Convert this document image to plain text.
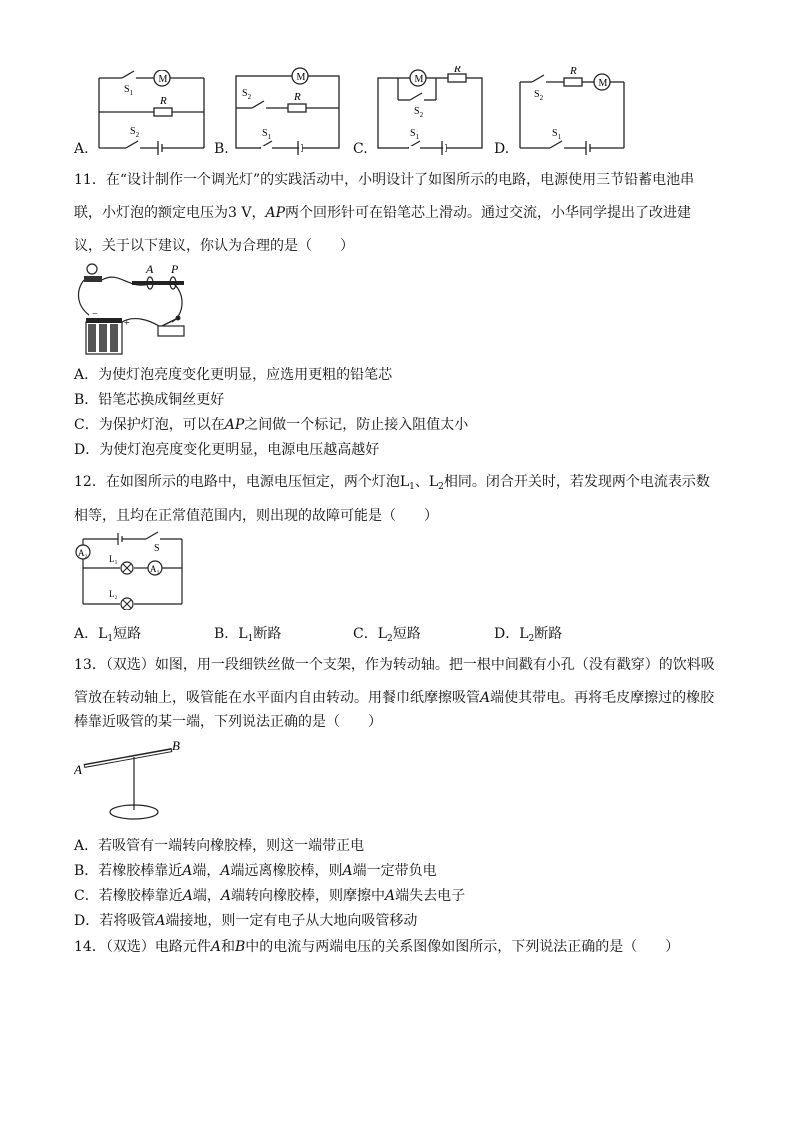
M
$S_1$
R
$S_2$
A.
M
$S_2$	R
$S_1$
B.
M
R
$S_2$
$S_1$
C.
M
R
$S_2$
$S_1$
D.
11．在“设计制作一个调光灯”的实践活动中，小明设计了如图所示的电路，电源使用三节铅蓄电池串
联，小灯泡的额定电压为3 V，AP两个回形针可在铅笔芯上滑动。通过交流，小华同学提出了改进建
议，关于以下建议，你认为合理的是（　　）
A P
−
+
A．为使灯泡亮度变化更明显，应选用更粗的铅笔芯
B．铅笔芯换成铜丝更好
C．为保护灯泡，可以在AP之间做一个标记，防止接入阻值太小
D．为使灯泡亮度变化更明显，电源电压越高越好
12．在如图所示的电路中，电源电压恒定，两个灯泡$L_1$、$L_2$相同。闭合开关时，若发现两个电流表示数
相等，且均在正常值范围内，则出现的故障可能是（　　）
A₂
A₁
L₁
L₂
S
A．$L_1$短路	B．$L_1$断路	C．$L_2$短路	D．$L_2$断路
13．（双选）如图，用一段细铁丝做一个支架，作为转动轴。把一根中间戳有小孔（没有戳穿）的饮料吸
管放在转动轴上，吸管能在水平面内自由转动。用餐巾纸摩擦吸管A端使其带电。再将毛皮摩擦过的橡胶
棒靠近吸管的某一端，下列说法正确的是（　　）
A
B
A．若吸管有一端转向橡胶棒，则这一端带正电
B．若橡胶棒靠近A端，A端远离橡胶棒，则A端一定带负电
C．若橡胶棒靠近A端，A端转向橡胶棒，则摩擦中A端失去电子
D．若将吸管A端接地，则一定有电子从大地向吸管移动
14．（双选）电路元件A和B中的电流与两端电压的关系图像如图所示，下列说法正确的是（　　）
